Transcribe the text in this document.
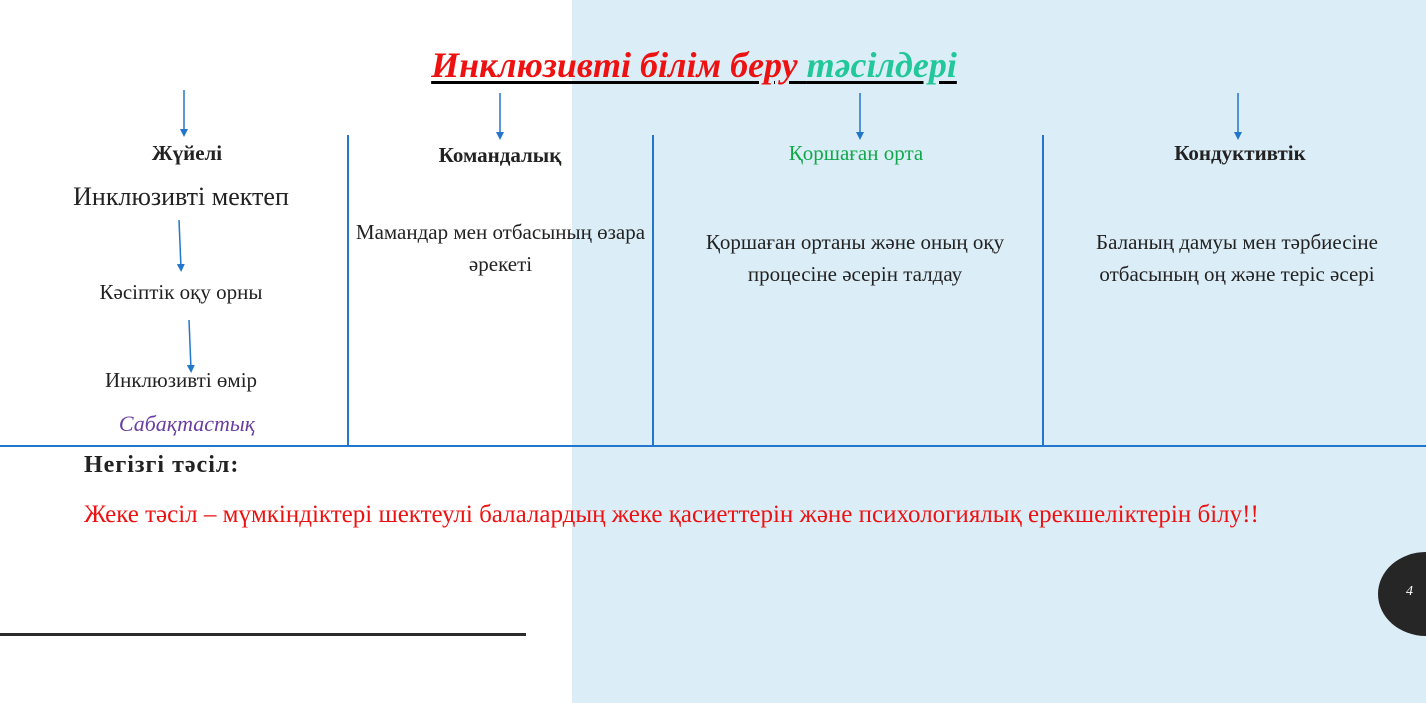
Инклюзивті білім беру тәсілдері
Жүйелі
Инклюзивті мектеп
Кәсіптік оқу орны
Инклюзивті өмір
Сабақтастық
Командалық
Мамандар мен отбасының өзара әрекеті
Қоршаған орта
Қоршаған ортаны және оның оқу процесіне әсерін талдау
Кондуктивтік
Баланың дамуы мен тәрбиесіне отбасының оң және теріс әсері
Негізгі тәсіл:
Жеке тәсіл – мүмкіндіктері шектеулі балалардың жеке қасиеттерін және психологиялық ерекшеліктерін білу!!
4
